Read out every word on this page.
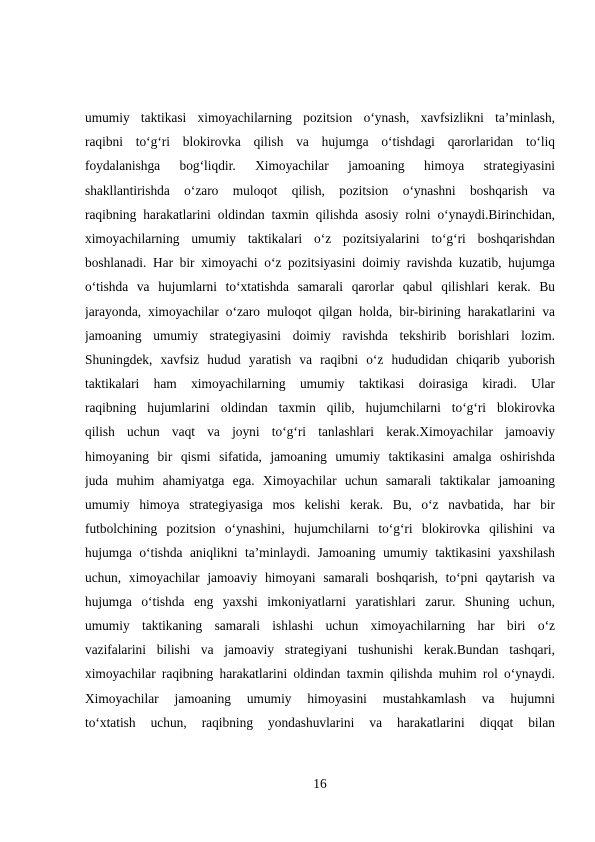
umumiy taktikasi ximoyachilarning pozitsion o‘ynash, xavfsizlikni ta’minlash,
raqibni to‘g‘ri blokirovka qilish va hujumga o‘tishdagi qarorlaridan to‘liq
foydalanishga bog‘liqdir. Ximoyachilar jamoaning himoya strategiyasini
shakllantirishda o‘zaro muloqot qilish, pozitsion o‘ynashni boshqarish va
raqibning harakatlarini oldindan taxmin qilishda asosiy rolni o‘ynaydi.Birinchidan,
ximoyachilarning umumiy taktikalari o‘z pozitsiyalarini to‘g‘ri boshqarishdan
boshlanadi. Har bir ximoyachi o‘z pozitsiyasini doimiy ravishda kuzatib, hujumga
o‘tishda va hujumlarni to‘xtatishda samarali qarorlar qabul qilishlari kerak. Bu
jarayonda, ximoyachilar o‘zaro muloqot qilgan holda, bir-birining harakatlarini va
jamoaning umumiy strategiyasini doimiy ravishda tekshirib borishlari lozim.
Shuningdek, xavfsiz hudud yaratish va raqibni o‘z hududidan chiqarib yuborish
taktikalari ham ximoyachilarning umumiy taktikasi doirasiga kiradi. Ular
raqibning hujumlarini oldindan taxmin qilib, hujumchilarni to‘g‘ri blokirovka
qilish uchun vaqt va joyni to‘g‘ri tanlashlari kerak.Ximoyachilar jamoaviy
himoyaning bir qismi sifatida, jamoaning umumiy taktikasini amalga oshirishda
juda muhim ahamiyatga ega. Ximoyachilar uchun samarali taktikalar jamoaning
umumiy himoya strategiyasiga mos kelishi kerak. Bu, o‘z navbatida, har bir
futbolchining pozitsion o‘ynashini, hujumchilarni to‘g‘ri blokirovka qilishini va
hujumga o‘tishda aniqlikni ta’minlaydi. Jamoaning umumiy taktikasini yaxshilash
uchun, ximoyachilar jamoaviy himoyani samarali boshqarish, to‘pni qaytarish va
hujumga o‘tishda eng yaxshi imkoniyatlarni yaratishlari zarur. Shuning uchun,
umumiy taktikaning samarali ishlashi uchun ximoyachilarning har biri o‘z
vazifalarini bilishi va jamoaviy strategiyani tushunishi kerak.Bundan tashqari,
ximoyachilar raqibning harakatlarini oldindan taxmin qilishda muhim rol o‘ynaydi.
Ximoyachilar jamoaning umumiy himoyasini mustahkamlash va hujumni
to‘xtatish uchun, raqibning yondashuvlarini va harakatlarini diqqat bilan
16
